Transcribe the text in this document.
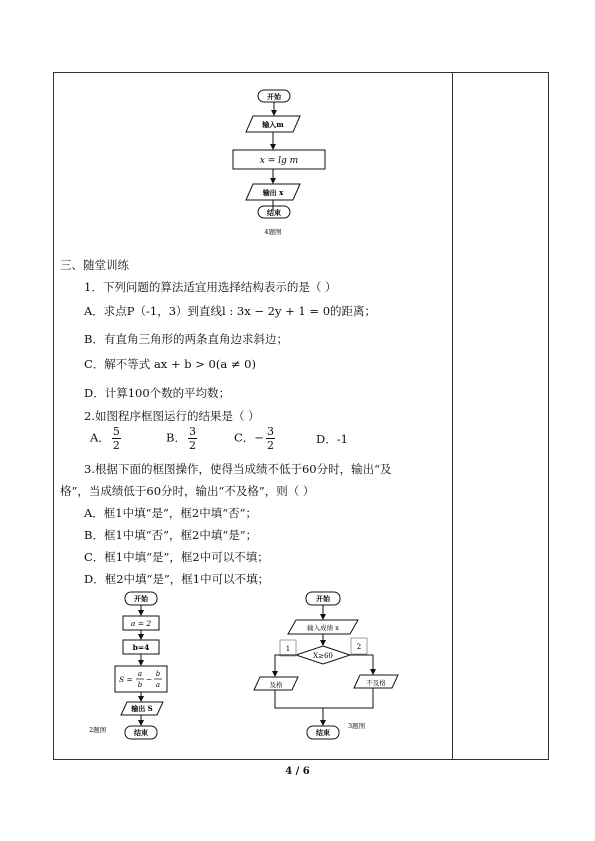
开始
输入m
x = lg m
输出 x
结束
4题图
三、随堂训练
1．下列问题的算法适宜用选择结构表示的是（ ）
A．求点P（-1，3）到直线l : 3x − 2y + 1 = 0的距离；
B．有直角三角形的两条直角边求斜边；
C．解不等式 ax + b > 0(a ≠ 0)
D．计算100个数的平均数；
2.如图程序框图运行的结果是（ ）
A． $\frac{5}{2}$	B． $\frac{3}{2}$	C．− $\frac{3}{2}$	D．-1
3.根据下面的框图操作，使得当成绩不低于60分时，输出“及
格”，当成绩低于60分时，输出“不及格”，则（ ）
A．框1中填“是”，框2中填“否”；
B．框1中填“否”，框2中填“是”；
C．框1中填“是”，框2中可以不填；
D．框2中填“是”，框1中可以不填；
开始
a = 2
b=4
S =
a
b
−
b
a
输出 S
结束
2题图
开始
输入成绩 x
X≥60
1	2
及格	不及格
结束
3题图
4 / 6
